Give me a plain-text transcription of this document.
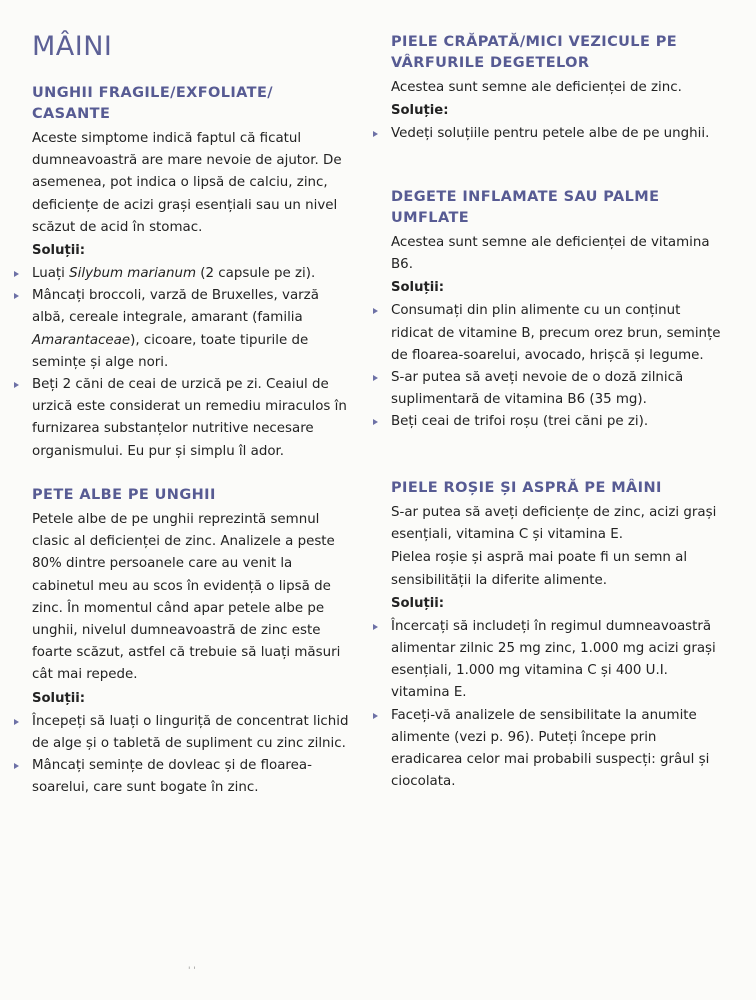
MÂINI
UNGHII FRAGILE/EXFOLIATE/ CASANTE

Aceste simptome indică faptul că ficatul dumneavoastră are mare nevoie de ajutor. De asemenea, pot indica o lipsă de calciu, zinc, deficiențe de acizi grași esențiali sau un nivel scăzut de acid în stomac.

Soluții:
Luați Silybum marianum (2 capsule pe zi).
Mâncați broccoli, varză de Bruxelles, varză albă, cereale integrale, amarant (familia Amarantaceae), cicoare, toate tipurile de semințe și alge nori.
Beți 2 căni de ceai de urzică pe zi. Ceaiul de urzică este considerat un remediu miraculos în furnizarea substanțelor nutritive necesare organismului. Eu pur și simplu îl ador.
PETE ALBE PE UNGHII

Petele albe de pe unghii reprezintă semnul clasic al deficienței de zinc. Analizele a peste 80% dintre persoanele care au venit la cabinetul meu au scos în evidență o lipsă de zinc. În momentul când apar petele albe pe unghii, nivelul dumneavoastră de zinc este foarte scăzut, astfel că trebuie să luați măsuri cât mai repede.

Soluții:
Începeți să luați o linguriță de concentrat lichid de alge și o tabletă de supliment cu zinc zilnic.
Mâncați semințe de dovleac și de floarea-soarelui, care sunt bogate în zinc.
PIELE CRĂPATĂ/MICI VEZICULE PE VÂRFURILE DEGETELOR

Acestea sunt semne ale deficienței de zinc.

Soluție:
Vedeți soluțiile pentru petele albe de pe unghii.
DEGETE INFLAMATE SAU PALME UMFLATE

Acestea sunt semne ale deficienței de vitamina B6.

Soluții:
Consumați din plin alimente cu un conținut ridicat de vitamine B, precum orez brun, semințe de floarea-soarelui, avocado, hrișcă și legume.
S-ar putea să aveți nevoie de o doză zilnică suplimentară de vitamina B6 (35 mg).
Beți ceai de trifoi roșu (trei căni pe zi).
PIELE ROȘIE ȘI ASPRĂ PE MÂINI

S-ar putea să aveți deficiențe de zinc, acizi grași esențiali, vitamina C și vitamina E.

Pielea roșie și aspră mai poate fi un semn al sensibilității la diferite alimente.

Soluții:
Încercați să includeți în regimul dumneavoastră alimentar zilnic 25 mg zinc, 1.000 mg acizi grași esențiali, 1.000 mg vitamina C și 400 U.I. vitamina E.
Faceți-vă analizele de sensibilitate la anumite alimente (vezi p. 96). Puteți începe prin eradicarea celor mai probabili suspecți: grâul și ciocolata.
' '
